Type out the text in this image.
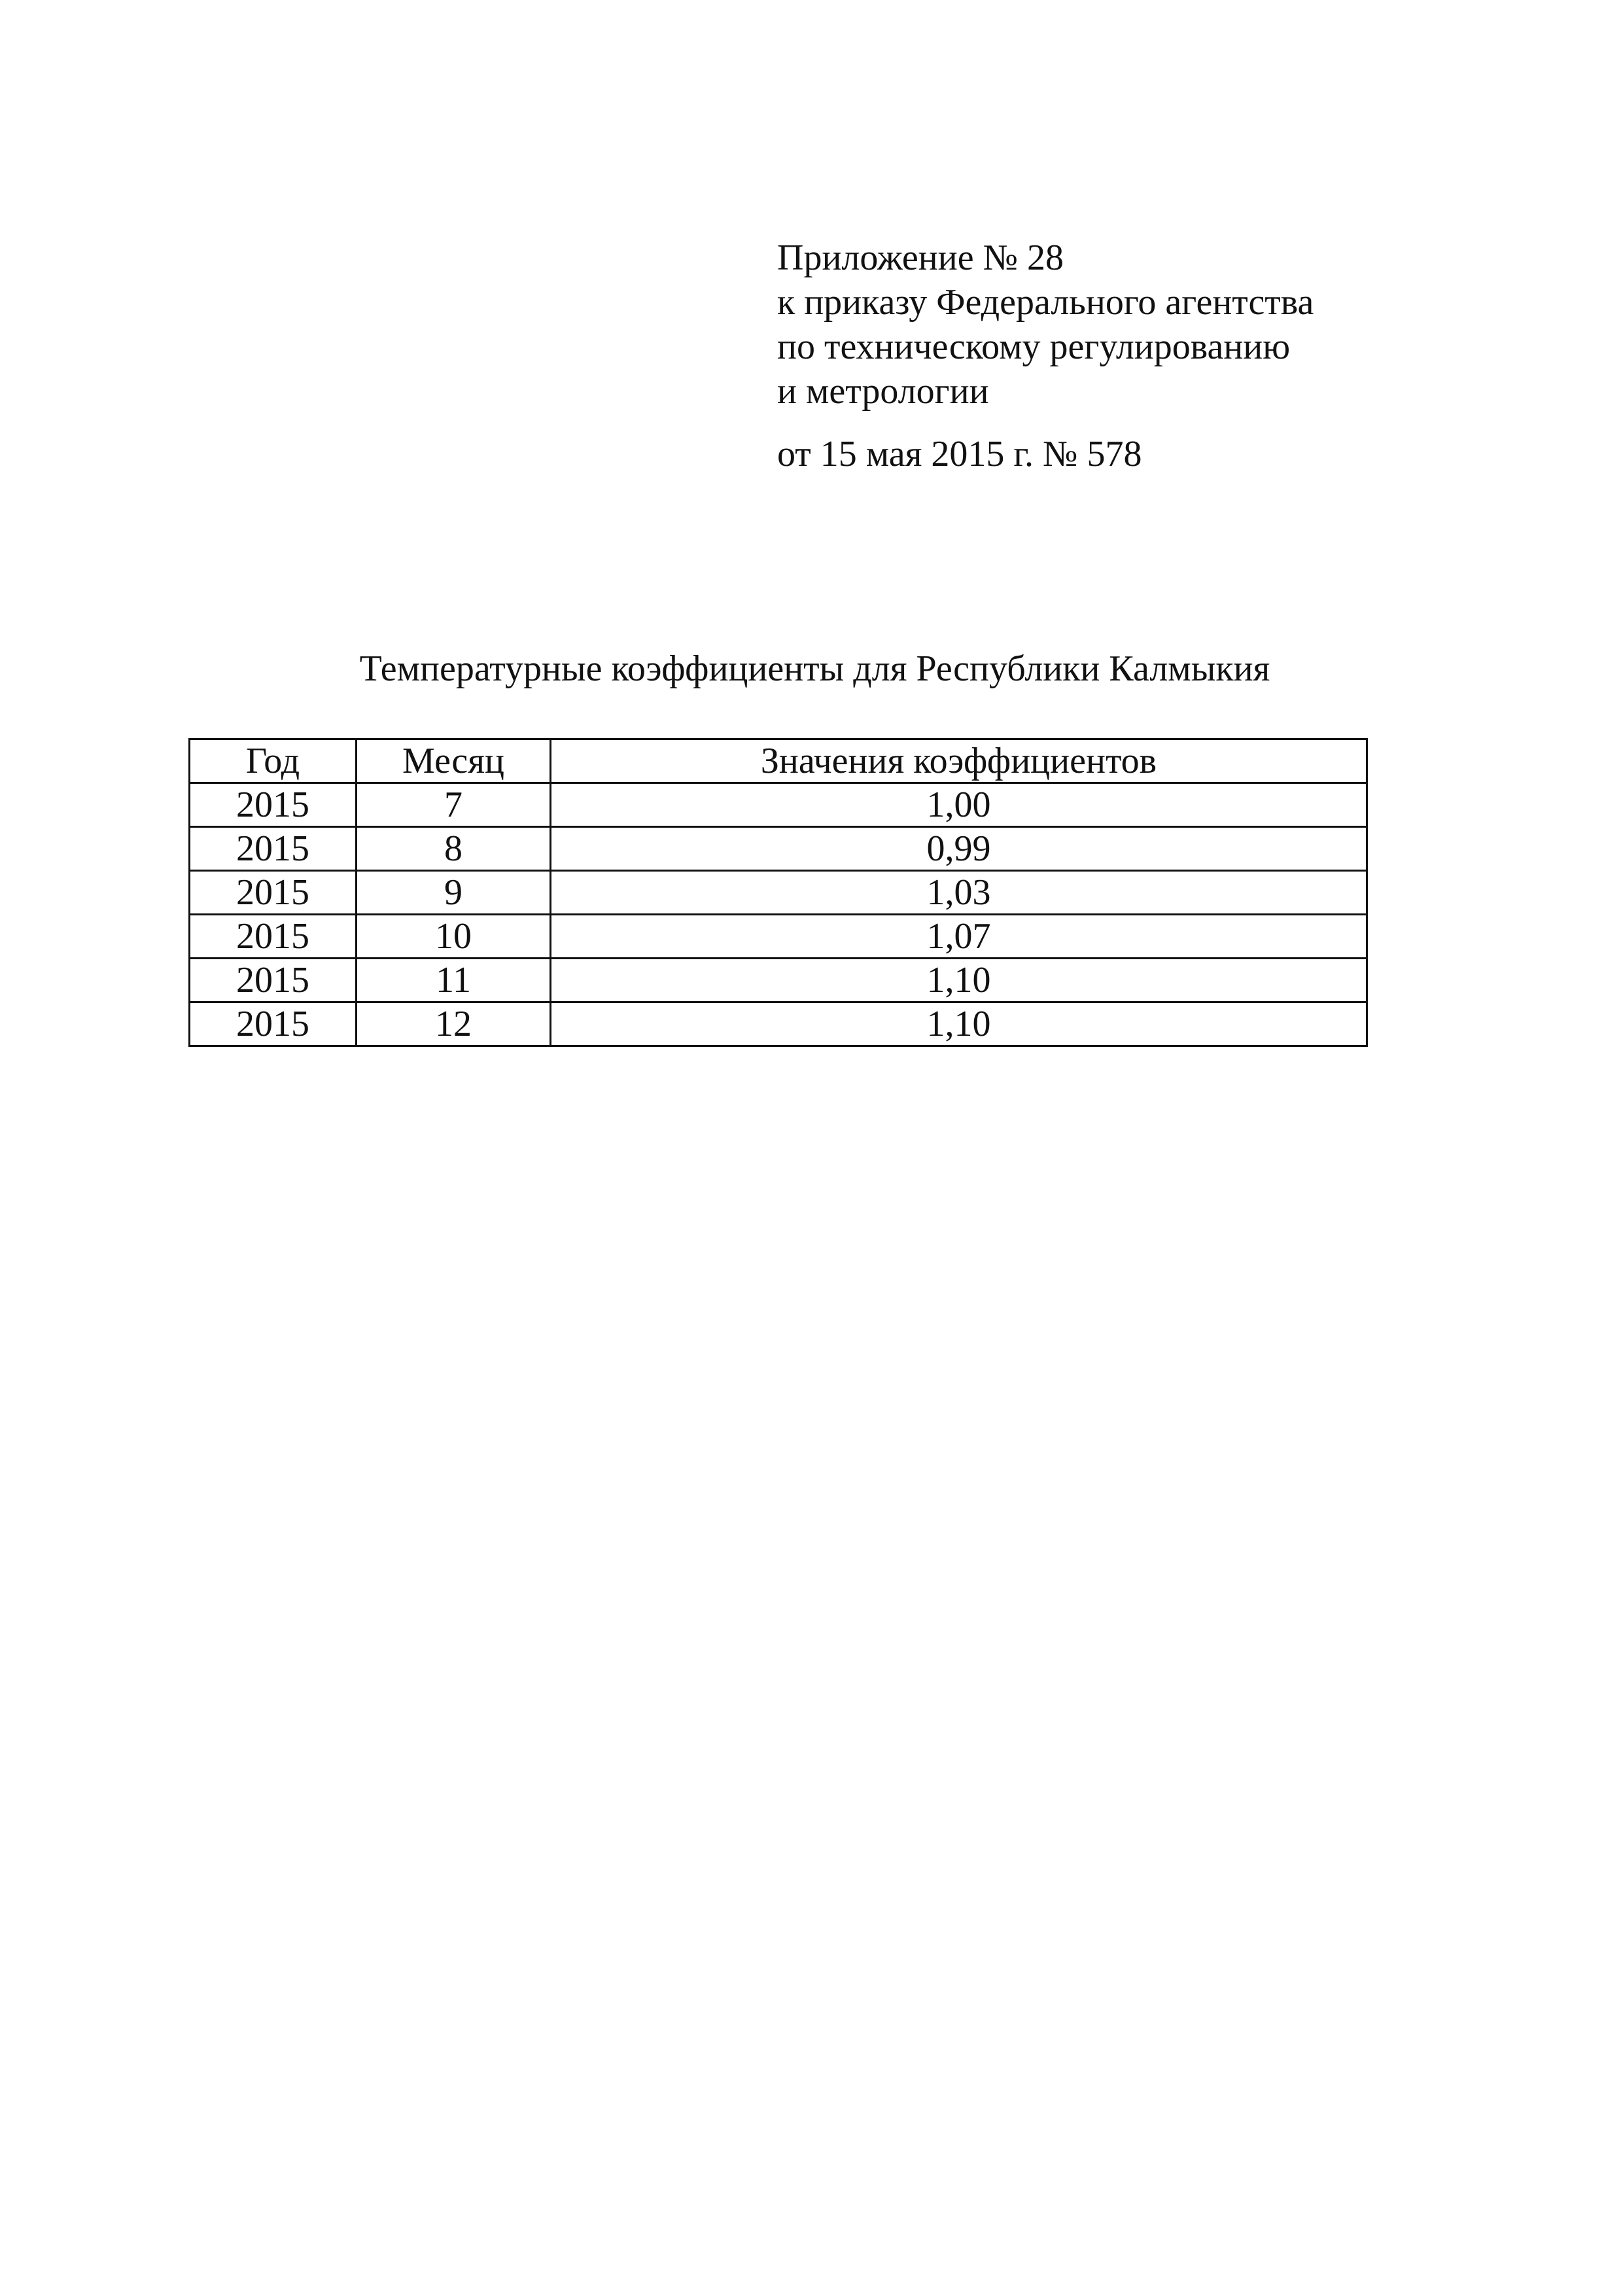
Приложение № 28
к приказу Федерального агентства
по техническому регулированию
и метрологии
от 15 мая 2015 г. № 578
Температурные коэффициенты для Республики Калмыкия
Год	Месяц	Значения коэффициентов
2015	7	1,00
2015	8	0,99
2015	9	1,03
2015	10	1,07
2015	11	1,10
2015	12	1,10
